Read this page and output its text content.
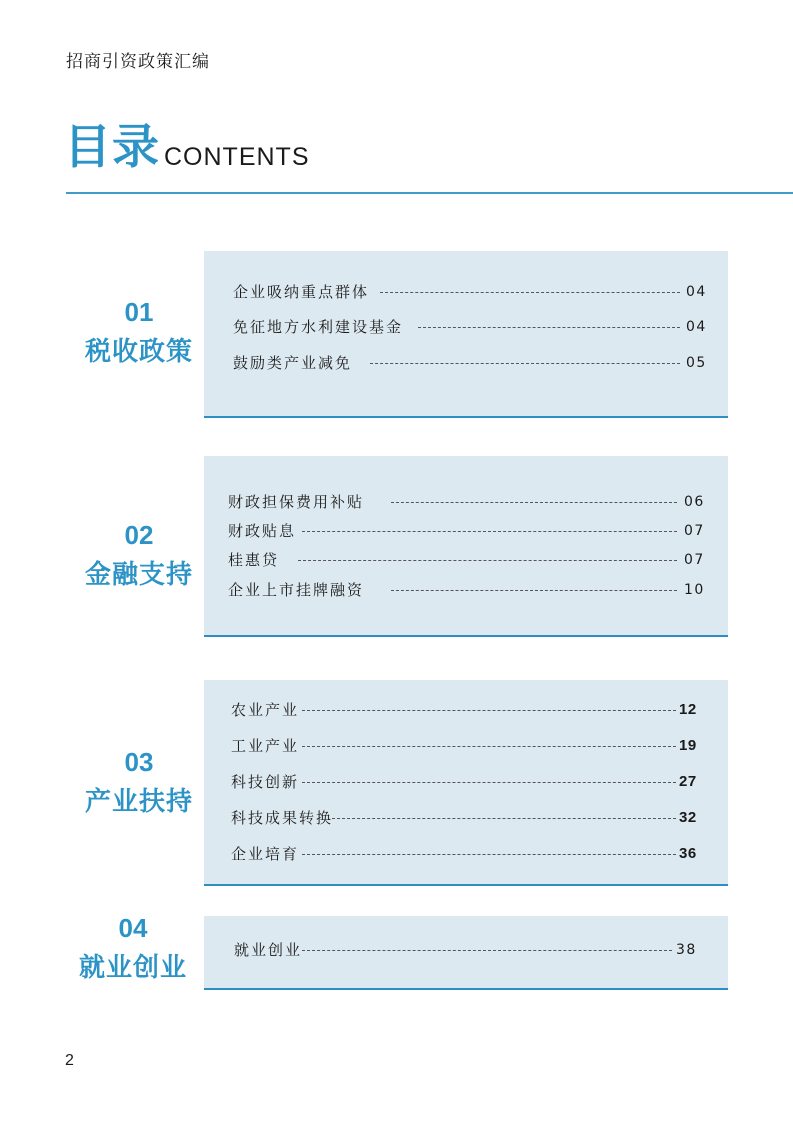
招商引资政策汇编
目录 CONTENTS
01
税收政策
企业吸纳重点群体	04
免征地方水利建设基金	04
鼓励类产业减免	05
02
金融支持
财政担保费用补贴	06
财政贴息	07
桂惠贷	07
企业上市挂牌融资	10
03
产业扶持
农业产业	12
工业产业	19
科技创新	27
科技成果转换	32
企业培育	36
04
就业创业
就业创业	38
2
